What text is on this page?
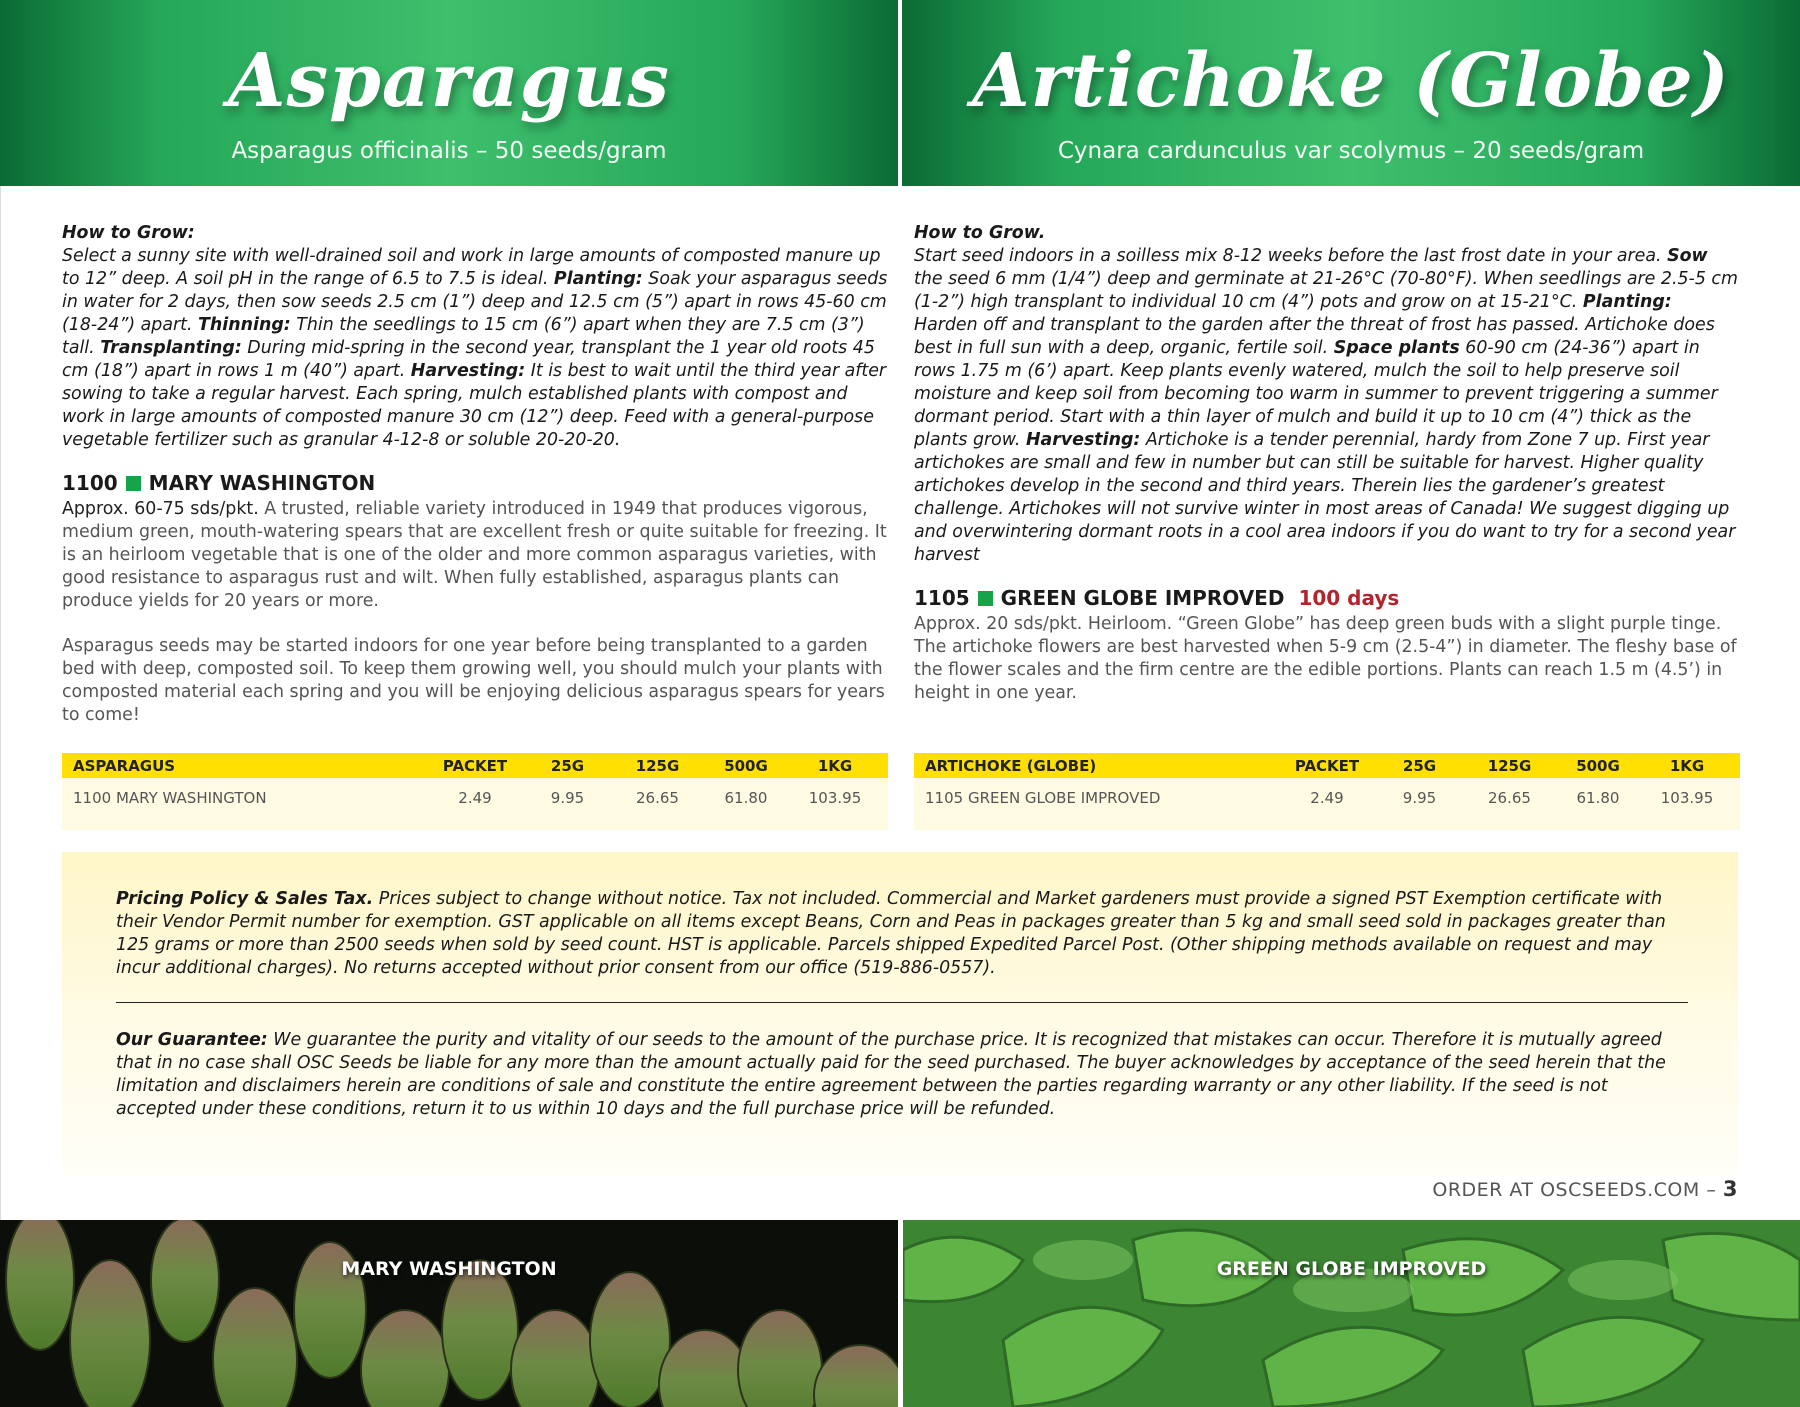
Asparagus
Asparagus officinalis – 50 seeds/gram
Artichoke (Globe)
Cynara cardunculus var scolymus – 20 seeds/gram

How to Grow:
Select a sunny site with well-drained soil and work in large amounts of composted manure up to 12” deep. A soil pH in the range of 6.5 to 7.5 is ideal. Planting: Soak your asparagus seeds in water for 2 days, then sow seeds 2.5 cm (1”) deep and 12.5 cm (5”) apart in rows 45-60 cm (18-24”) apart. Thinning: Thin the seedlings to 15 cm (6”) apart when they are 7.5 cm (3”) tall. Transplanting: During mid-spring in the second year, transplant the 1 year old roots 45 cm (18”) apart in rows 1 m (40”) apart. Harvesting: It is best to wait until the third year after sowing to take a regular harvest. Each spring, mulch established plants with compost and work in large amounts of composted manure 30 cm (12”) deep. Feed with a general-purpose vegetable fertilizer such as granular 4-12-8 or soluble 20-20-20.

1100 MARY WASHINGTON

Approx. 60-75 sds/pkt. A trusted, reliable variety introduced in 1949 that produces vigorous, medium green, mouth-watering spears that are excellent fresh or quite suitable for freezing. It is an heirloom vegetable that is one of the older and more common asparagus varieties, with good resistance to asparagus rust and wilt. When fully established, asparagus plants can produce yields for 20 years or more.

Asparagus seeds may be started indoors for one year before being transplanted to a garden bed with deep, composted soil. To keep them growing well, you should mulch your plants with composted material each spring and you will be enjoying delicious asparagus spears for years to come!

How to Grow.
Start seed indoors in a soilless mix 8-12 weeks before the last frost date in your area. Sow the seed 6 mm (1/4”) deep and germinate at 21-26°C (70-80°F). When seedlings are 2.5-5 cm (1-2”) high transplant to individual 10 cm (4”) pots and grow on at 15-21°C. Planting: Harden off and transplant to the garden after the threat of frost has passed. Artichoke does best in full sun with a deep, organic, fertile soil. Space plants 60-90 cm (24-36”) apart in rows 1.75 m (6’) apart. Keep plants evenly watered, mulch the soil to help preserve soil moisture and keep soil from becoming too warm in summer to prevent triggering a summer dormant period. Start with a thin layer of mulch and build it up to 10 cm (4”) thick as the plants grow. Harvesting: Artichoke is a tender perennial, hardy from Zone 7 up. First year artichokes are small and few in number but can still be suitable for harvest. Higher quality artichokes develop in the second and third years. Therein lies the gardener’s greatest challenge. Artichokes will not survive winter in most areas of Canada! We suggest digging up and overwintering dormant roots in a cool area indoors if you do want to try for a second year harvest

1105 GREEN GLOBE IMPROVED 100 days

Approx. 20 sds/pkt. Heirloom. “Green Globe” has deep green buds with a slight purple tinge. The artichoke flowers are best harvested when 5-9 cm (2.5-4”) in diameter. The fleshy base of the flower scales and the firm centre are the edible portions. Plants can reach 1.5 m (4.5’) in height in one year.

ASPARAGUS	PACKET	25G	125G	500G	1KG
1100 MARY WASHINGTON	2.49	9.95	26.65	61.80	103.95
ARTICHOKE (GLOBE)	PACKET	25G	125G	500G	1KG
1105 GREEN GLOBE IMPROVED	2.49	9.95	26.65	61.80	103.95

Pricing Policy & Sales Tax. Prices subject to change without notice. Tax not included. Commercial and Market gardeners must provide a signed PST Exemption certificate with their Vendor Permit number for exemption. GST applicable on all items except Beans, Corn and Peas in packages greater than 5 kg and small seed sold in packages greater than 125 grams or more than 2500 seeds when sold by seed count. HST is applicable. Parcels shipped Expedited Parcel Post. (Other shipping methods available on request and may incur additional charges). No returns accepted without prior consent from our office (519-886-0557).

Our Guarantee: We guarantee the purity and vitality of our seeds to the amount of the purchase price. It is recognized that mistakes can occur. Therefore it is mutually agreed that in no case shall OSC Seeds be liable for any more than the amount actually paid for the seed purchased. The buyer acknowledges by acceptance of the seed herein that the limitation and disclaimers herein are conditions of sale and constitute the entire agreement between the parties regarding warranty or any other liability. If the seed is not accepted under these conditions, return it to us within 10 days and the full purchase price will be refunded.

ORDER AT OSCSEEDS.COM – 3
MARY WASHINGTON	GREEN GLOBE IMPROVED
